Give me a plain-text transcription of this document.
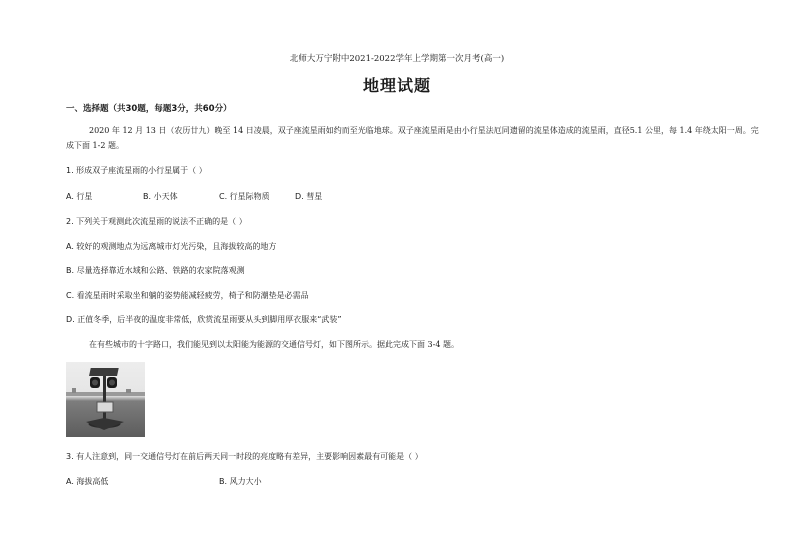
北师大万宁附中2021-2022学年上学期第一次月考(高一)
地理试题
一、选择题（共30题，每题3分，共60分）
2020 年 12 月 13 日（农历廿九）晚至 14 日凌晨，双子座流星雨如约而至光临地球。双子座流星雨是由小行星法厄同遗留的流星体造成的流星雨，直径5.1 公里，每 1.4 年绕太阳一周。完
成下面 1-2 题。
1. 形成双子座流星雨的小行星属于（ ）
A. 行星	B. 小天体	C. 行星际物质	D. 彗星
2. 下列关于观测此次流星雨的说法不正确的是（ ）
A. 较好的观测地点为远离城市灯光污染，且海拔较高的地方
B. 尽量选择靠近水域和公路、铁路的农家院落观测
C. 看流星雨时采取坐和躺的姿势能减轻疲劳，椅子和防潮垫是必需品
D. 正值冬季，后半夜的温度非常低，欣赏流星雨要从头到脚用厚衣服来“武装”
在有些城市的十字路口，我们能见到以太阳能为能源的交通信号灯，如下图所示。据此完成下面 3-4 题。
3. 有人注意到，同一交通信号灯在前后两天同一时段的亮度略有差异，主要影响因素最有可能是（ ）
A. 海拔高低	B. 风力大小
